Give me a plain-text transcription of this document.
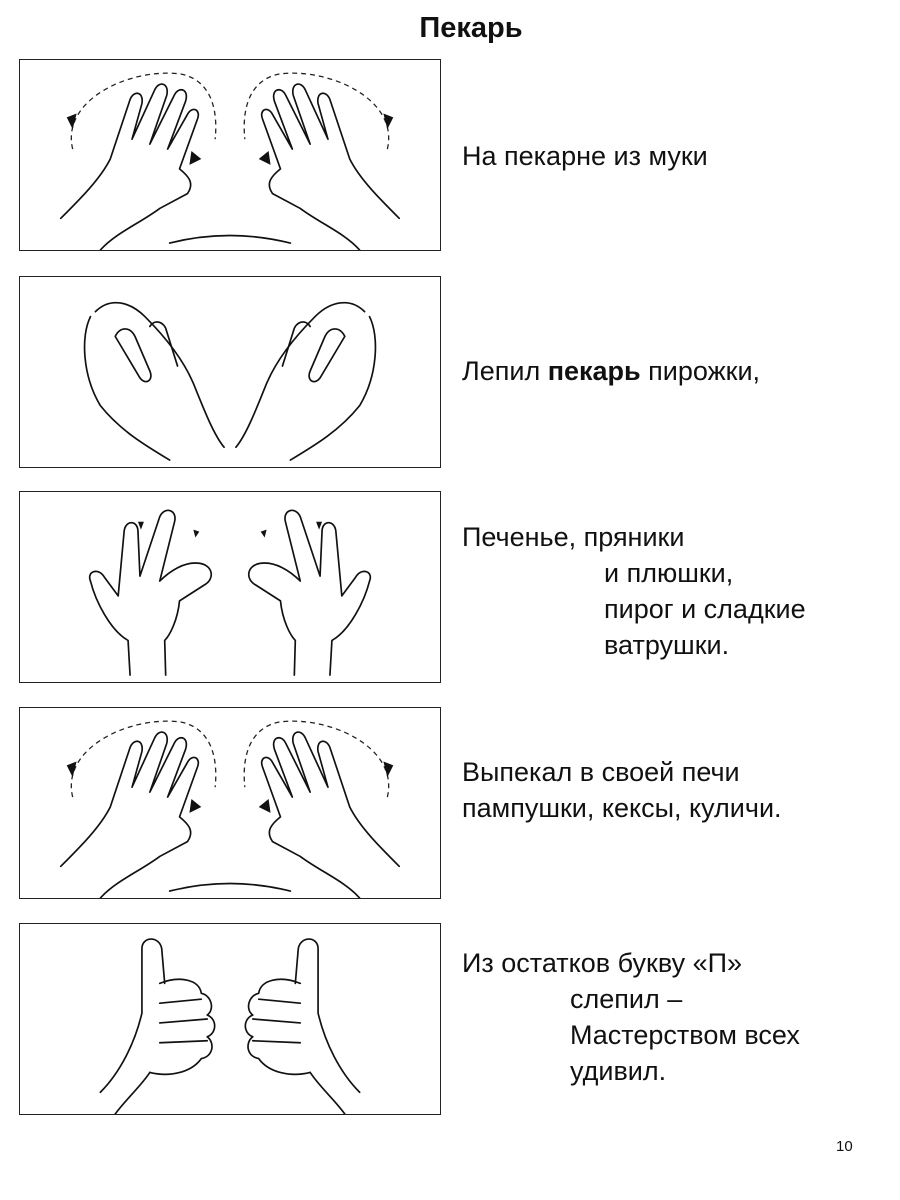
Пекарь
На пекарне из муки
Лепил пекарь пирожки,
Печенье, пряники
и плюшки,
пирог и сладкие
ватрушки.
Выпекал в своей печи
пампушки, кексы, куличи.
Из остатков букву «П»
слепил –
Мастерством всех
удивил.
10
